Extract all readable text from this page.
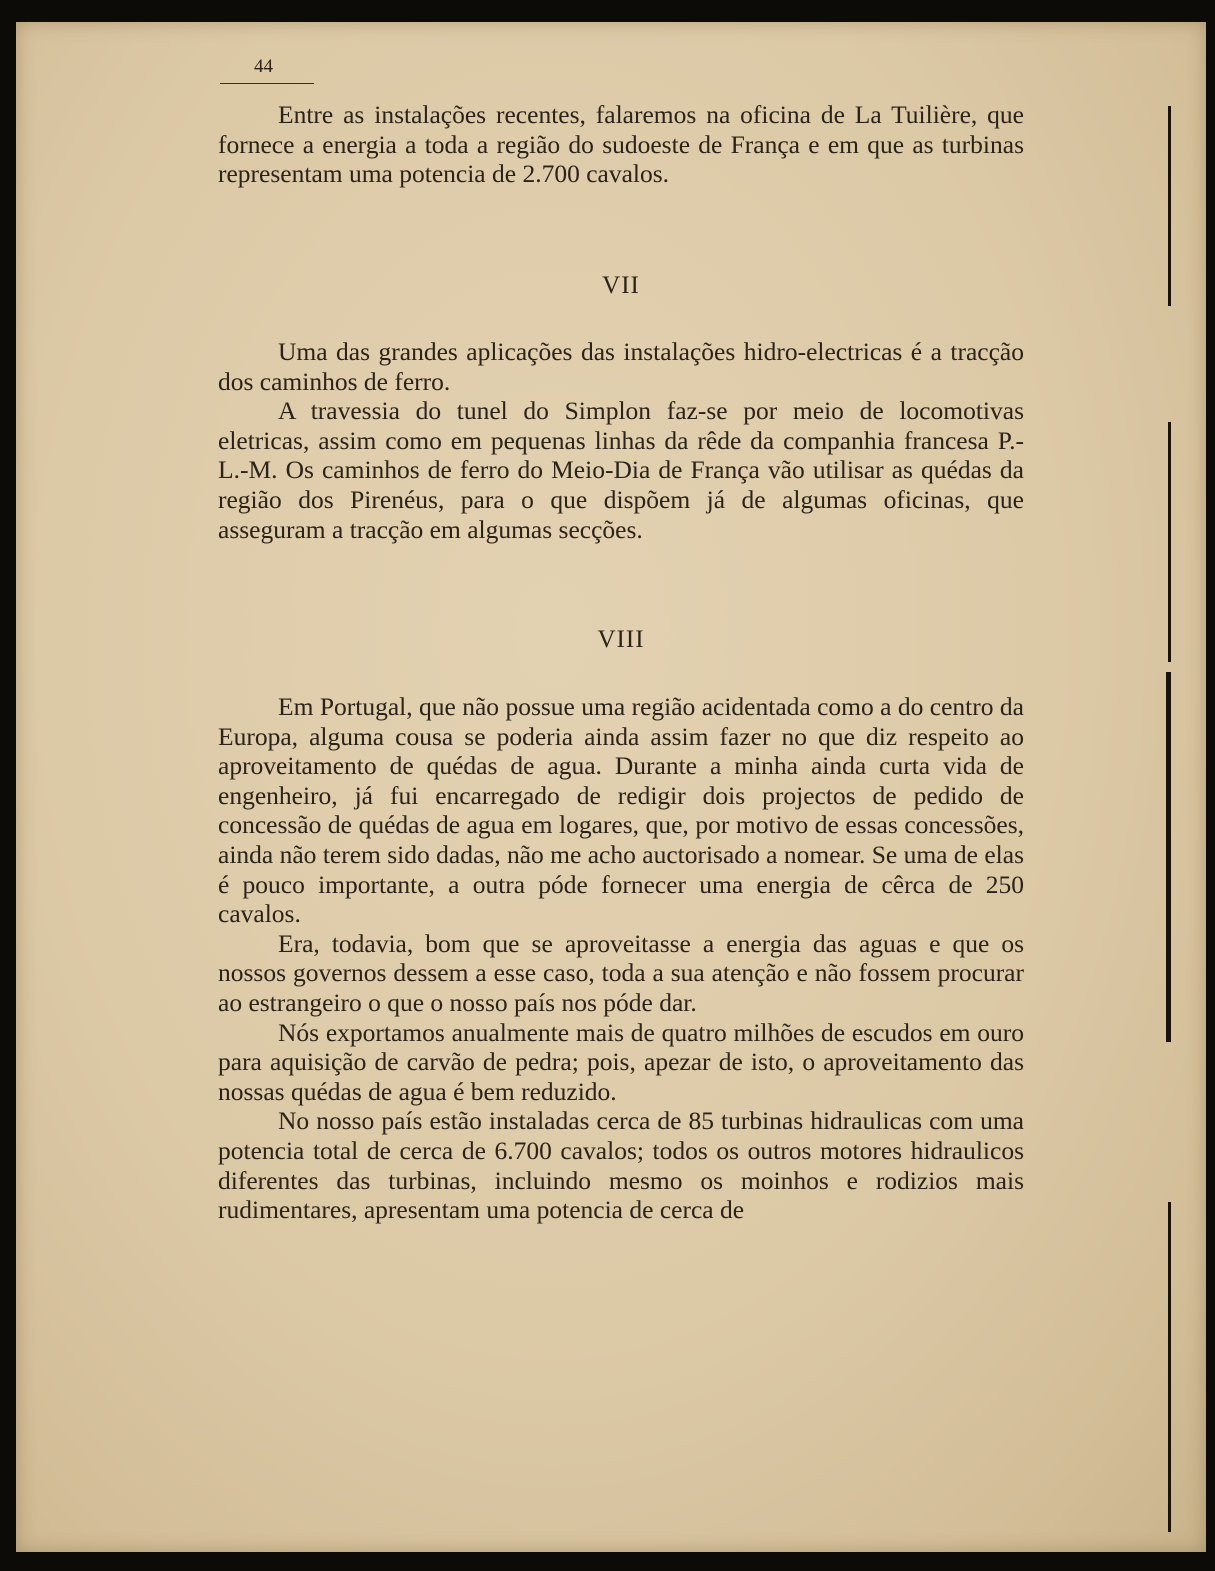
44

Entre as instalações recentes, falaremos na oficina de La Tuilière, que fornece a energia a toda a região do sudoeste de França e em que as turbinas representam uma potencia de 2.700 cavalos.

VII

Uma das grandes aplicações das instalações hidro-electricas é a tracção dos caminhos de ferro.

A travessia do tunel do Simplon faz-se por meio de locomotivas eletricas, assim como em pequenas linhas da rêde da companhia francesa P.-L.-M. Os caminhos de ferro do Meio-Dia de França vão utilisar as quédas da região dos Pirenéus, para o que dispõem já de algumas oficinas, que asseguram a tracção em algumas secções.

VIII

Em Portugal, que não possue uma região acidentada como a do centro da Europa, alguma cousa se poderia ainda assim fazer no que diz respeito ao aproveitamento de quédas de agua. Durante a minha ainda curta vida de engenheiro, já fui encarregado de redigir dois projectos de pedido de concessão de quédas de agua em logares, que, por motivo de essas concessões, ainda não terem sido dadas, não me acho auctorisado a nomear. Se uma de elas é pouco importante, a outra póde fornecer uma energia de cêrca de 250 cavalos.

Era, todavia, bom que se aproveitasse a energia das aguas e que os nossos governos dessem a esse caso, toda a sua atenção e não fossem procurar ao estrangeiro o que o nosso país nos póde dar.

Nós exportamos anualmente mais de quatro milhões de escudos em ouro para aquisição de carvão de pedra; pois, apezar de isto, o aproveitamento das nossas quédas de agua é bem reduzido.

No nosso país estão instaladas cerca de 85 turbinas hidraulicas com uma potencia total de cerca de 6.700 cavalos; todos os outros motores hidraulicos diferentes das turbinas, incluindo mesmo os moinhos e rodizios mais rudimentares, apresentam uma potencia de cerca de
